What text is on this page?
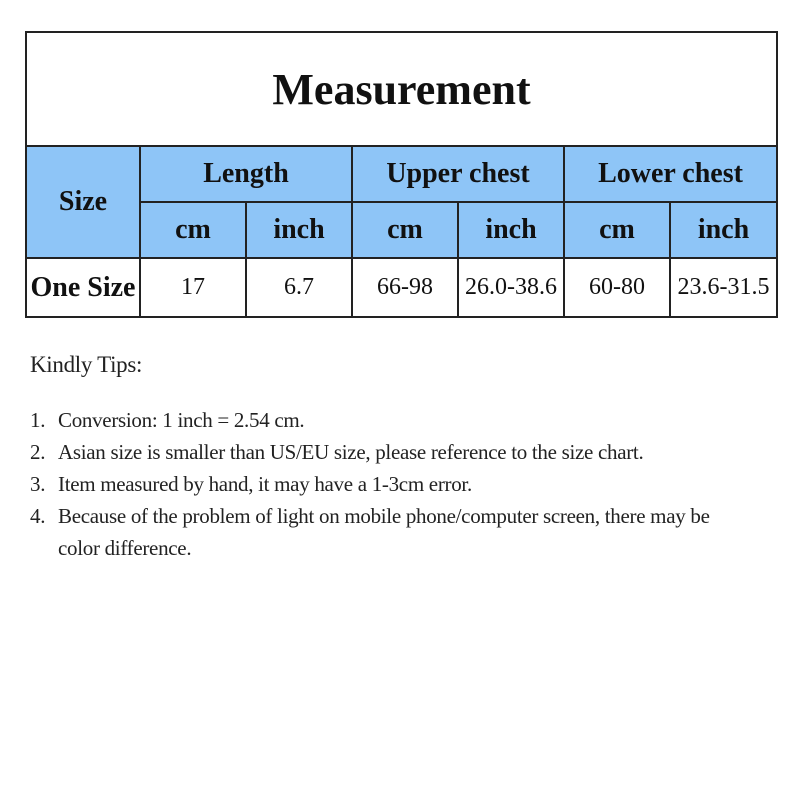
Measurement						
Size	Length		Upper chest		Lower chest	
	cm	inch	cm	inch	cm	inch
One Size	17	6.7	66-98	26.0-38.6	60-80	23.6-31.5
Kindly Tips:
1. Conversion: 1 inch = 2.54 cm.
2. Asian size is smaller than US/EU size, please reference to the size chart.
3. Item measured by hand, it may have a 1-3cm error.
4. Because of the problem of light on mobile phone/computer screen, there may be color difference.
